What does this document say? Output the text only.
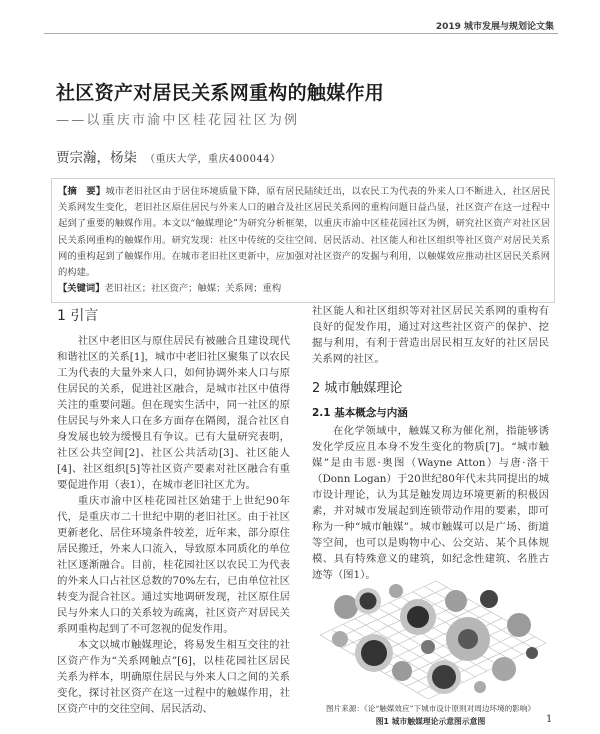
2019 城市发展与规划论文集
社区资产对居民关系网重构的触媒作用
——以重庆市渝中区桂花园社区为例
贾宗瀚，杨柒 （重庆大学，重庆400044）

【摘　要】城市老旧社区由于居住环境质量下降，原有居民陆续迁出，以农民工为代表的外来人口不断进入，社区居民关系网发生变化，老旧社区原住居民与外来人口的融合及社区居民关系网的重构问题日益凸显，社区资产在这一过程中起到了重要的触媒作用。本文以“触媒理论”为研究分析框架，以重庆市渝中区桂花园社区为例，研究社区资产对社区居民关系网重构的触媒作用。研究发现：社区中传统的交往空间、居民活动、社区能人和社区组织等社区资产对居民关系网的重构起到了触媒作用。在城市老旧社区更新中，应加强对社区资产的发掘与利用，以触媒效应推动社区居民关系网的构建。

【关键词】老旧社区；社区资产；触媒；关系网；重构

1 引言

社区中老旧区与原住居民有被融合且建设现代和谐社区的关系[1]，城市中老旧社区聚集了以农民工为代表的大量外来人口，如何协调外来人口与原住居民的关系，促进社区融合，是城市社区中值得关注的重要问题。但在现实生活中，同一社区的原住居民与外来人口在多方面存在隔阂，混合社区自身发展也较为缓慢且有争议。已有大量研究表明，社区公共空间[2]、社区公共活动[3]、社区能人[4]、社区组织[5]等社区资产要素对社区融合有重要促进作用（表1），在城市老旧社区尤为。

重庆市渝中区桂花园社区始建于上世纪90年代，是重庆市二十世纪中期的老旧社区。由于社区更新老化、居住环境条件较差，近年来，部分原住居民搬迁，外来人口流入，导致原本同质化的单位社区逐渐融合。目前，桂花园社区以农民工为代表的外来人口占社区总数的70%左右，已由单位社区转变为混合社区。通过实地调研发现，社区原住居民与外来人口的关系较为疏离，社区资产对居民关系网重构起到了不可忽视的促发作用。

本文以城市触媒理论，将易发生相互交往的社区资产作为“关系网触点”[6]，以桂花园社区居民关系为样本，明确原住居民与外来人口之间的关系变化，探讨社区资产在这一过程中的触媒作用，社区资产中的交往空间、居民活动、

社区能人和社区组织等对社区居民关系网的重构有良好的促发作用，通过对这些社区资产的保护、挖掘与利用，有利于营造出居民相互友好的社区居民关系网的社区。

2 城市触媒理论
2.1 基本概念与内涵

在化学领域中，触媒又称为催化剂，指能够诱发化学反应且本身不发生变化的物质[7]。“城市触媒”是由韦恩·奥图（Wayne Atton）与唐·洛干（Donn Logan）于20世纪80年代末共同提出的城市设计理论，认为其是触发周边环境更新的积极因素，并对城市发展起到连锁带动作用的要素，即可称为一种“城市触媒”。城市触媒可以是广场、街道等空间，也可以是购物中心、公交站、某个具体规模、具有特殊意义的建筑，如纪念性建筑、名胜古迹等（图1）。

图片来源：《论“触媒效应”下城市设计原则对周边环境的影响》
图1 城市触媒理论示意图示意图	1
